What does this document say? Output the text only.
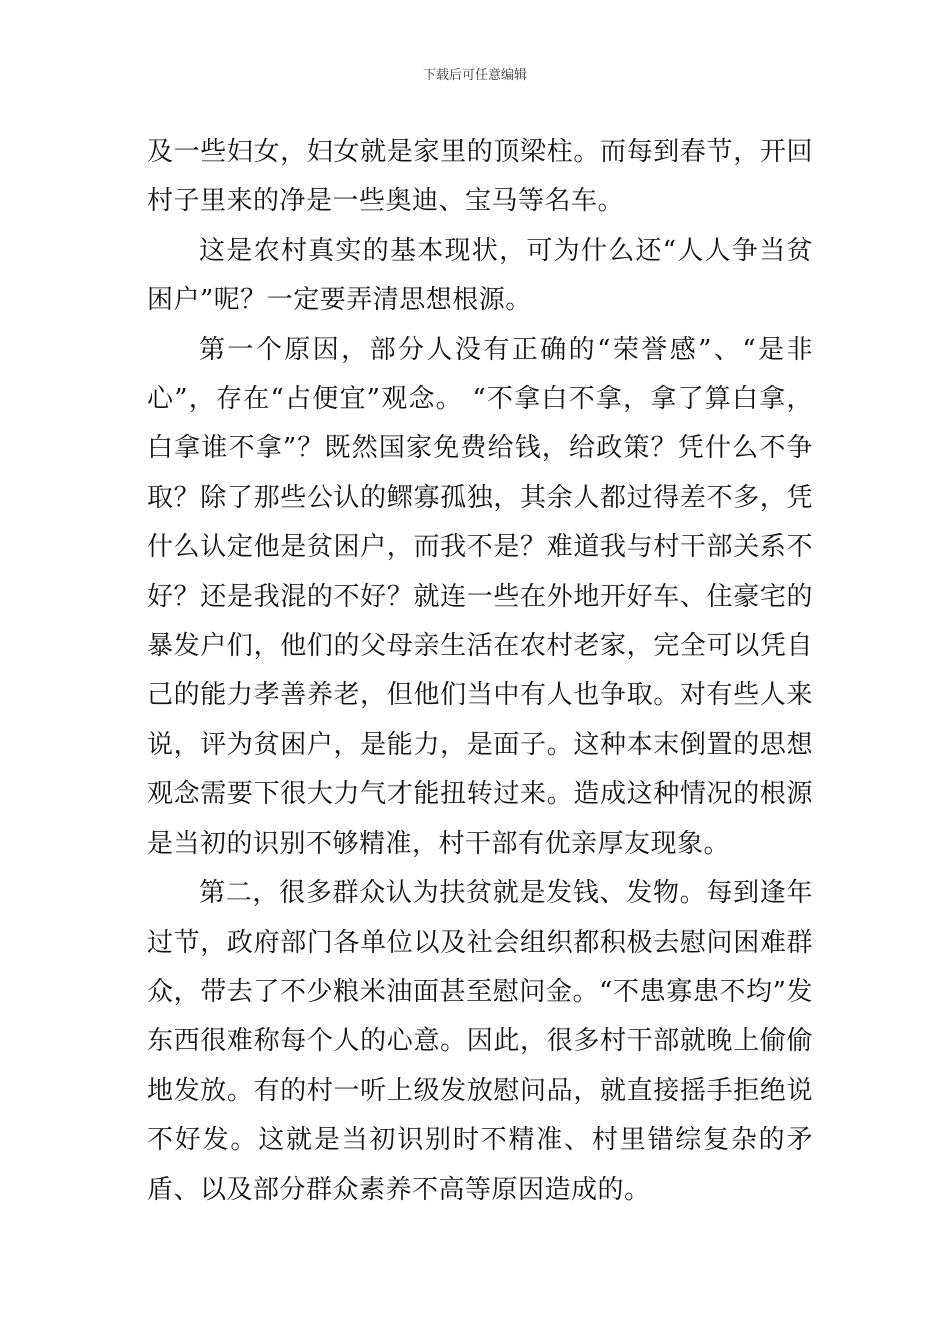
下载后可任意编辑

及一些妇女，妇女就是家里的顶梁柱。而每到春节，开回村子里来的净是一些奥迪、宝马等名车。

这是农村真实的基本现状，可为什么还“人人争当贫困户”呢？一定要弄清思想根源。

第一个原因，部分人没有正确的“荣誉感”、“是非心”，存在“占便宜”观念。 “不拿白不拿，拿了算白拿，白拿谁不拿”？既然国家免费给钱，给政策？凭什么不争取？除了那些公认的鳏寡孤独，其余人都过得差不多，凭什么认定他是贫困户，而我不是？难道我与村干部关系不好？还是我混的不好？就连一些在外地开好车、住豪宅的暴发户们，他们的父母亲生活在农村老家，完全可以凭自己的能力孝善养老，但他们当中有人也争取。对有些人来说，评为贫困户，是能力，是面子。这种本末倒置的思想观念需要下很大力气才能扭转过来。造成这种情况的根源是当初的识别不够精准，村干部有优亲厚友现象。

第二，很多群众认为扶贫就是发钱、发物。每到逢年过节，政府部门各单位以及社会组织都积极去慰问困难群众，带去了不少粮米油面甚至慰问金。“不患寡患不均”发东西很难称每个人的心意。因此，很多村干部就晚上偷偷地发放。有的村一听上级发放慰问品，就直接摇手拒绝说不好发。这就是当初识别时不精准、村里错综复杂的矛盾、以及部分群众素养不高等原因造成的。
